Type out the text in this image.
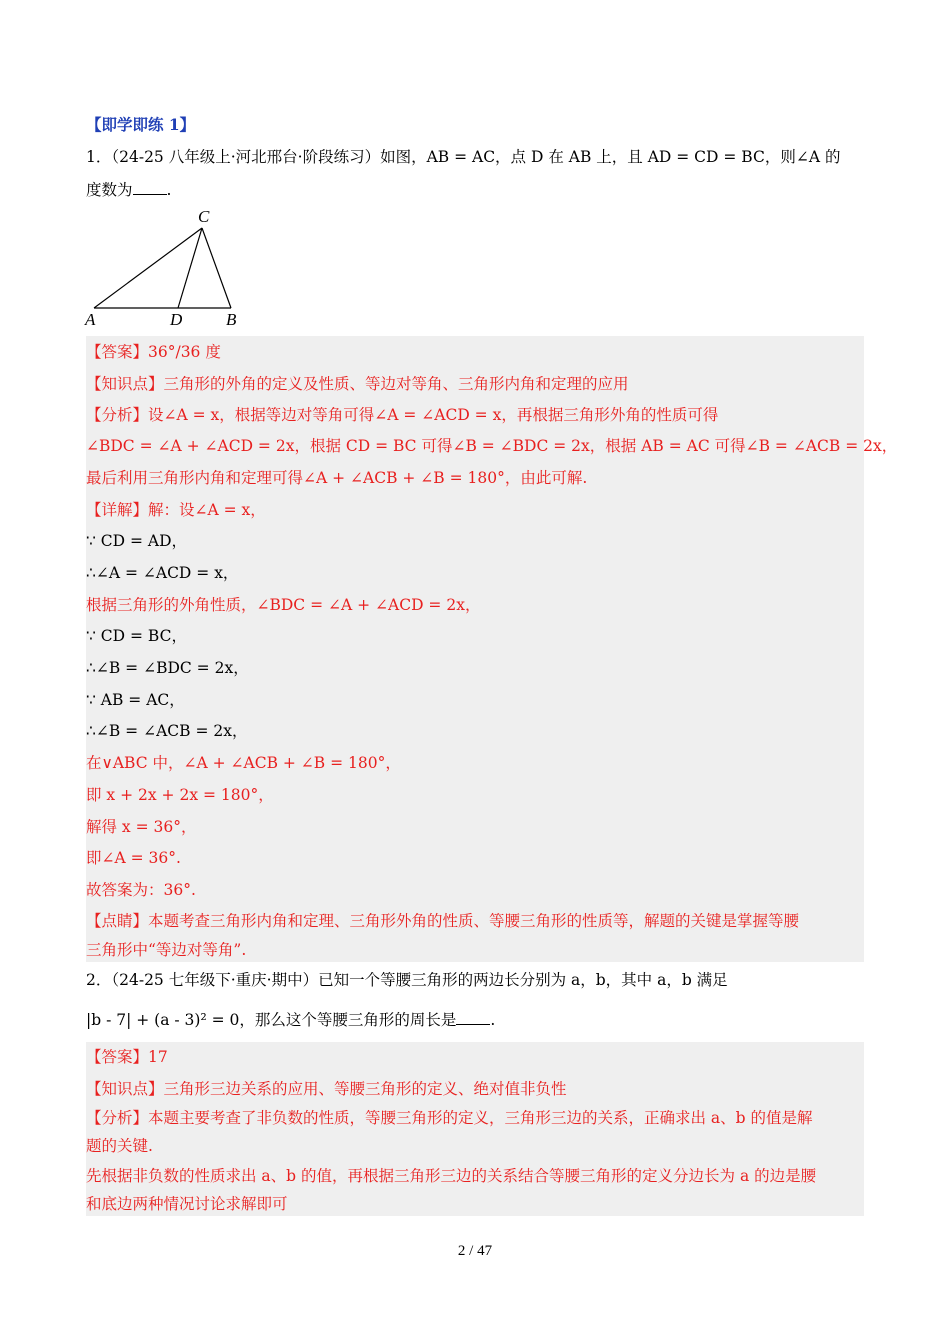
【即学即练 1】
1．（24-25 八年级上·河北邢台·阶段练习）如图，AB = AC，点 D 在 AB 上，且 AD = CD = BC，则∠A 的
度数为 .
A	D	B
C
【答案】36°/36 度
【知识点】三角形的外角的定义及性质、等边对等角、三角形内角和定理的应用
【分析】设∠A = x，根据等边对等角可得∠A = ∠ACD = x，再根据三角形外角的性质可得
∠BDC = ∠A + ∠ACD = 2x，根据 CD = BC 可得∠B = ∠BDC = 2x，根据 AB = AC 可得∠B = ∠ACB = 2x，
最后利用三角形内角和定理可得∠A + ∠ACB + ∠B = 180°，由此可解.
【详解】解：设∠A = x，
∵ CD = AD，
∴∠A = ∠ACD = x，
根据三角形的外角性质，∠BDC = ∠A + ∠ACD = 2x，
∵ CD = BC，
∴∠B = ∠BDC = 2x，
∵ AB = AC，
∴∠B = ∠ACB = 2x，
在∨ABC 中，∠A + ∠ACB + ∠B = 180°，
即 x + 2x + 2x = 180°，
解得 x = 36°，
即∠A = 36°.
故答案为：36°.
【点睛】本题考查三角形内角和定理、三角形外角的性质、等腰三角形的性质等，解题的关键是掌握等腰
三角形中“等边对等角”.
2．（24-25 七年级下·重庆·期中）已知一个等腰三角形的两边长分别为 a，b，其中 a，b 满足
|b - 7| + (a - 3)² = 0，那么这个等腰三角形的周长是 .
【答案】17
【知识点】三角形三边关系的应用、等腰三角形的定义、绝对值非负性
【分析】本题主要考查了非负数的性质，等腰三角形的定义，三角形三边的关系，正确求出 a、b 的值是解
题的关键.
先根据非负数的性质求出 a、b 的值，再根据三角形三边的关系结合等腰三角形的定义分边长为 a 的边是腰
和底边两种情况讨论求解即可
2 / 47
